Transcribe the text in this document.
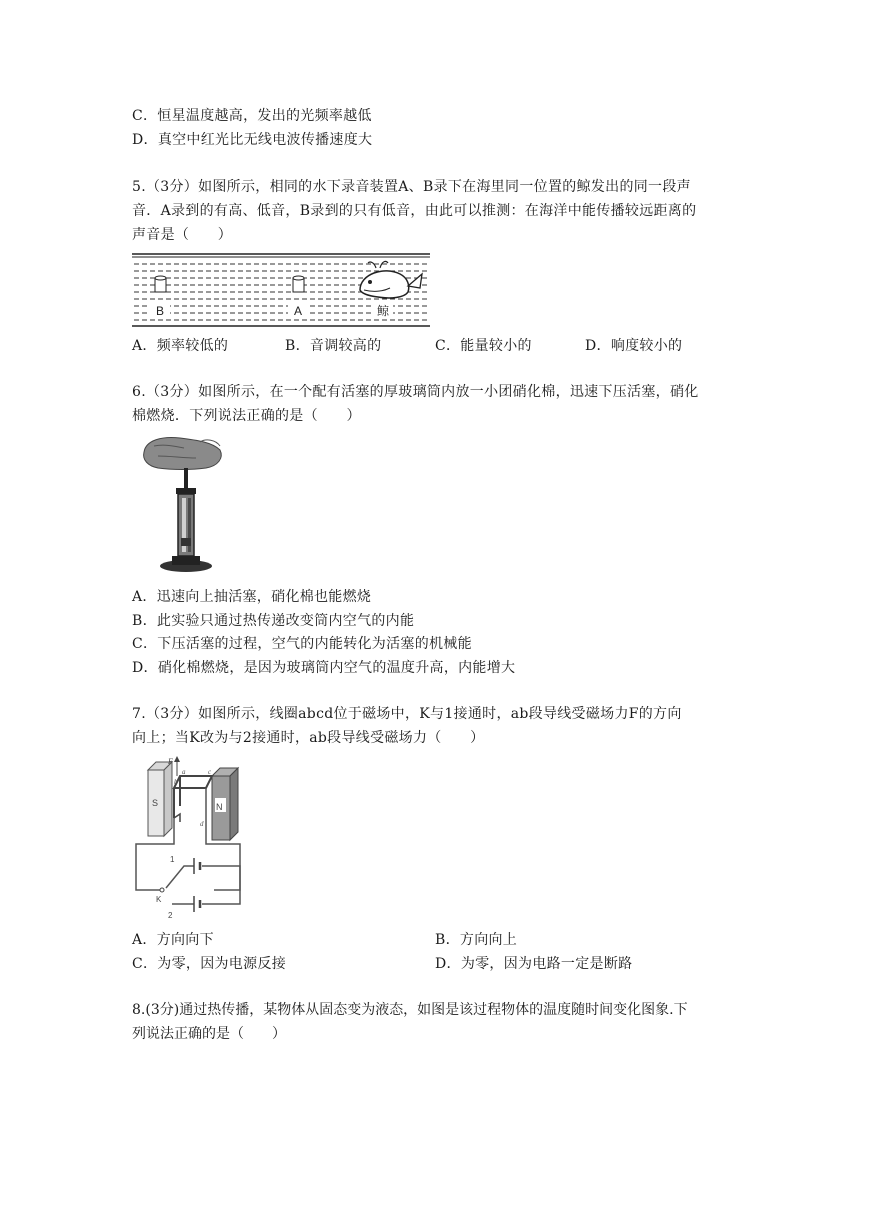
C．恒星温度越高，发出的光频率越低
D．真空中红光比无线电波传播速度大
5.（3分）如图所示，相同的水下录音装置A、B录下在海里同一位置的鲸发出的同一段声
音．A录到的有高、低音，B录到的只有低音，由此可以推测：在海洋中能传播较远距离的
声音是（　　）
B	A	鲸
A．频率较低的	B．音调较高的	C．能量较小的	D．响度较小的
6.（3分）如图所示，在一个配有活塞的厚玻璃筒内放一小团硝化棉，迅速下压活塞，硝化
棉燃烧．下列说法正确的是（　　）
A．迅速向上抽活塞，硝化棉也能燃烧
B．此实验只通过热传递改变筒内空气的内能
C．下压活塞的过程，空气的内能转化为活塞的机械能
D．硝化棉燃烧，是因为玻璃筒内空气的温度升高，内能增大
7.（3分）如图所示，线圈abcd位于磁场中，K与1接通时，ab段导线受磁场力F的方向
向上；当K改为与2接通时，ab段导线受磁场力（　　）
S	N
a
b
c
d
F
1
2
K
A．方向向下	B．方向向上
C．为零，因为电源反接	D．为零，因为电路一定是断路
8.(3分)通过热传播，某物体从固态变为液态，如图是该过程物体的温度随时间变化图象.下
列说法正确的是（　　）
